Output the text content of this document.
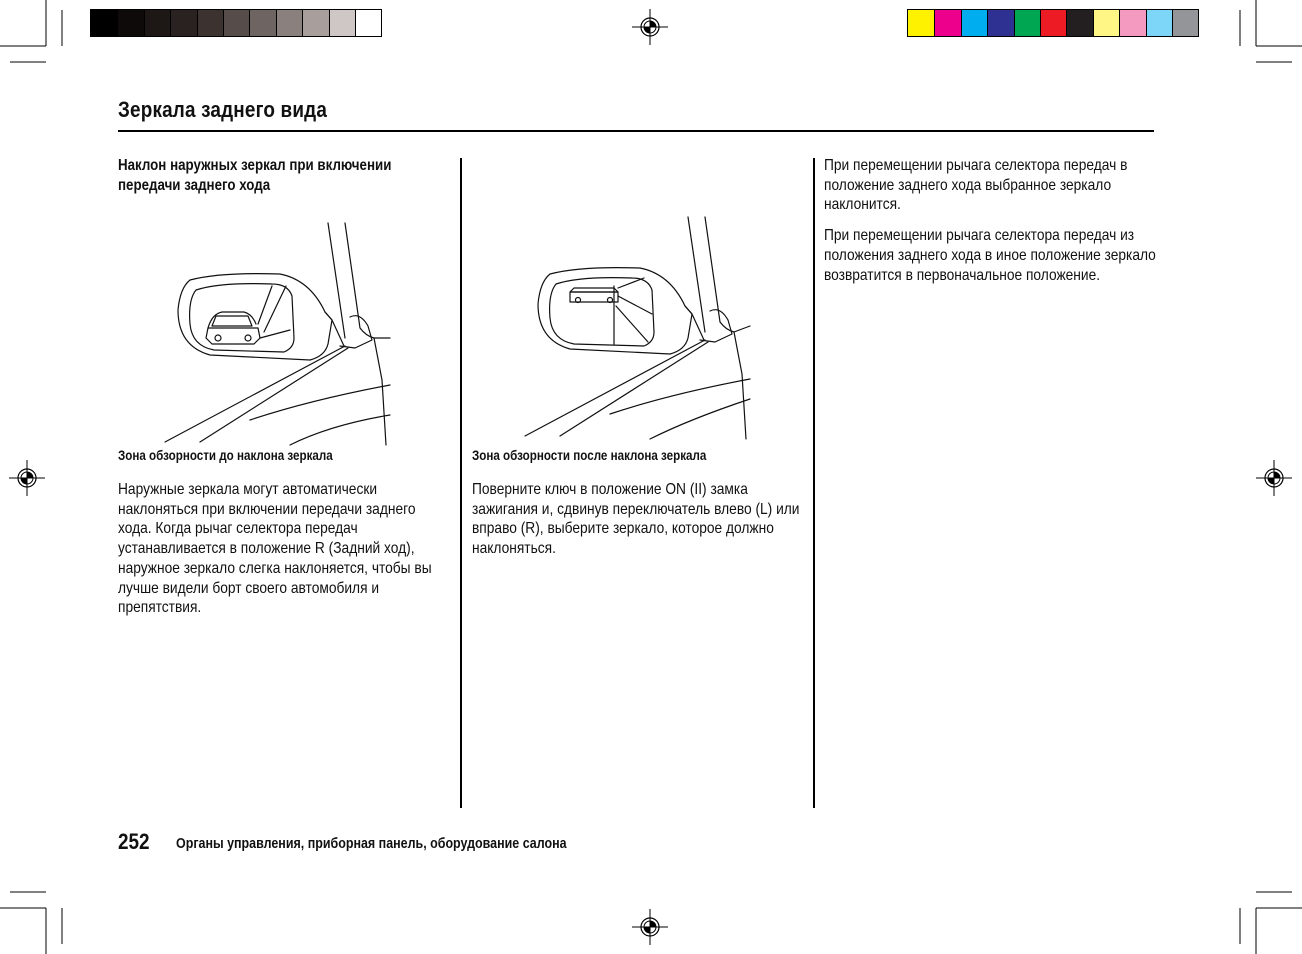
Зеркала заднего вида
Наклон наружных зеркал при включении передачи заднего хода
Зона обзорности до наклона зеркала
Наружные зеркала могут автоматически наклоняться при включении передачи заднего хода. Когда рычаг селектора передач устанавливается в положение R (Задний ход), наружное зеркало слегка наклоняется, чтобы вы лучше видели борт своего автомобиля и препятствия.
Зона обзорности после наклона зеркала
Поверните ключ в положение ON (II) замка зажигания и, сдвинув переключатель влево (L) или вправо (R), выберите зеркало, которое должно наклоняться.

При перемещении рычага селектора передач в положение заднего хода выбранное зеркало наклонится.

При перемещении рычага селектора передач из положения заднего хода в иное положение зеркало возвратится в первоначальное положение.

252 Органы управления, приборная панель, оборудование салона
